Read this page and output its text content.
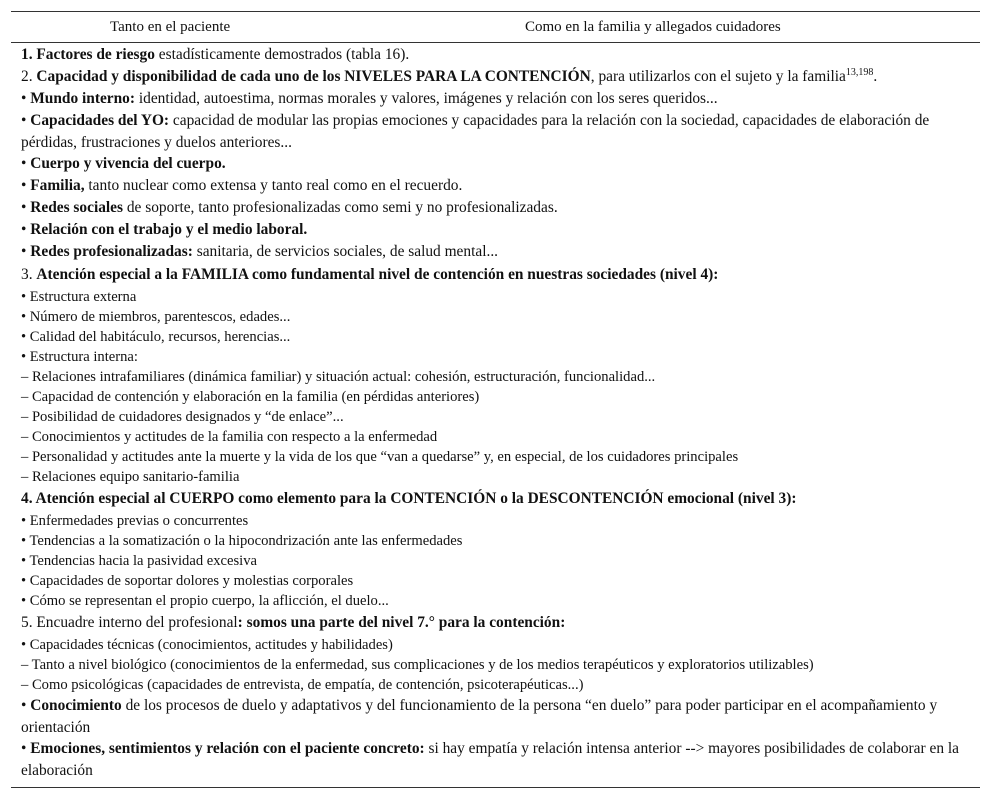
Tanto en el paciente	Como en la familia y allegados cuidadores
1. Factores de riesgo estadísticamente demostrados (tabla 16).
2. Capacidad y disponibilidad de cada uno de los NIVELES PARA LA CONTENCIÓN, para utilizarlos con el sujeto y la familia$^{13,198}$.
• Mundo interno: identidad, autoestima, normas morales y valores, imágenes y relación con los seres queridos...
• Capacidades del YO: capacidad de modular las propias emociones y capacidades para la relación con la sociedad, capacidades de elaboración de pérdidas, frustraciones y duelos anteriores...
• Cuerpo y vivencia del cuerpo.
• Familia, tanto nuclear como extensa y tanto real como en el recuerdo.
• Redes sociales de soporte, tanto profesionalizadas como semi y no profesionalizadas.
• Relación con el trabajo y el medio laboral.
• Redes profesionalizadas: sanitaria, de servicios sociales, de salud mental...
3. Atención especial a la FAMILIA como fundamental nivel de contención en nuestras sociedades (nivel 4):
• Estructura externa
• Número de miembros, parentescos, edades...
• Calidad del habitáculo, recursos, herencias...
• Estructura interna:
– Relaciones intrafamiliares (dinámica familiar) y situación actual: cohesión, estructuración, funcionalidad...
– Capacidad de contención y elaboración en la familia (en pérdidas anteriores)
– Posibilidad de cuidadores designados y “de enlace”...
– Conocimientos y actitudes de la familia con respecto a la enfermedad
– Personalidad y actitudes ante la muerte y la vida de los que “van a quedarse” y, en especial, de los cuidadores principales
– Relaciones equipo sanitario-familia
4. Atención especial al CUERPO como elemento para la CONTENCIÓN o la DESCONTENCIÓN emocional (nivel 3):
• Enfermedades previas o concurrentes
• Tendencias a la somatización o la hipocondrización ante las enfermedades
• Tendencias hacia la pasividad excesiva
• Capacidades de soportar dolores y molestias corporales
• Cómo se representan el propio cuerpo, la aflicción, el duelo...
5. Encuadre interno del profesional: somos una parte del nivel 7.° para la contención:
• Capacidades técnicas (conocimientos, actitudes y habilidades)
– Tanto a nivel biológico (conocimientos de la enfermedad, sus complicaciones y de los medios terapéuticos y exploratorios utilizables)
– Como psicológicas (capacidades de entrevista, de empatía, de contención, psicoterapéuticas...)
• Conocimiento de los procesos de duelo y adaptativos y del funcionamiento de la persona “en duelo” para poder participar en el acompañamiento y orientación
• Emociones, sentimientos y relación con el paciente concreto: si hay empatía y relación intensa anterior --> mayores posibilidades de colaborar en la elaboración
